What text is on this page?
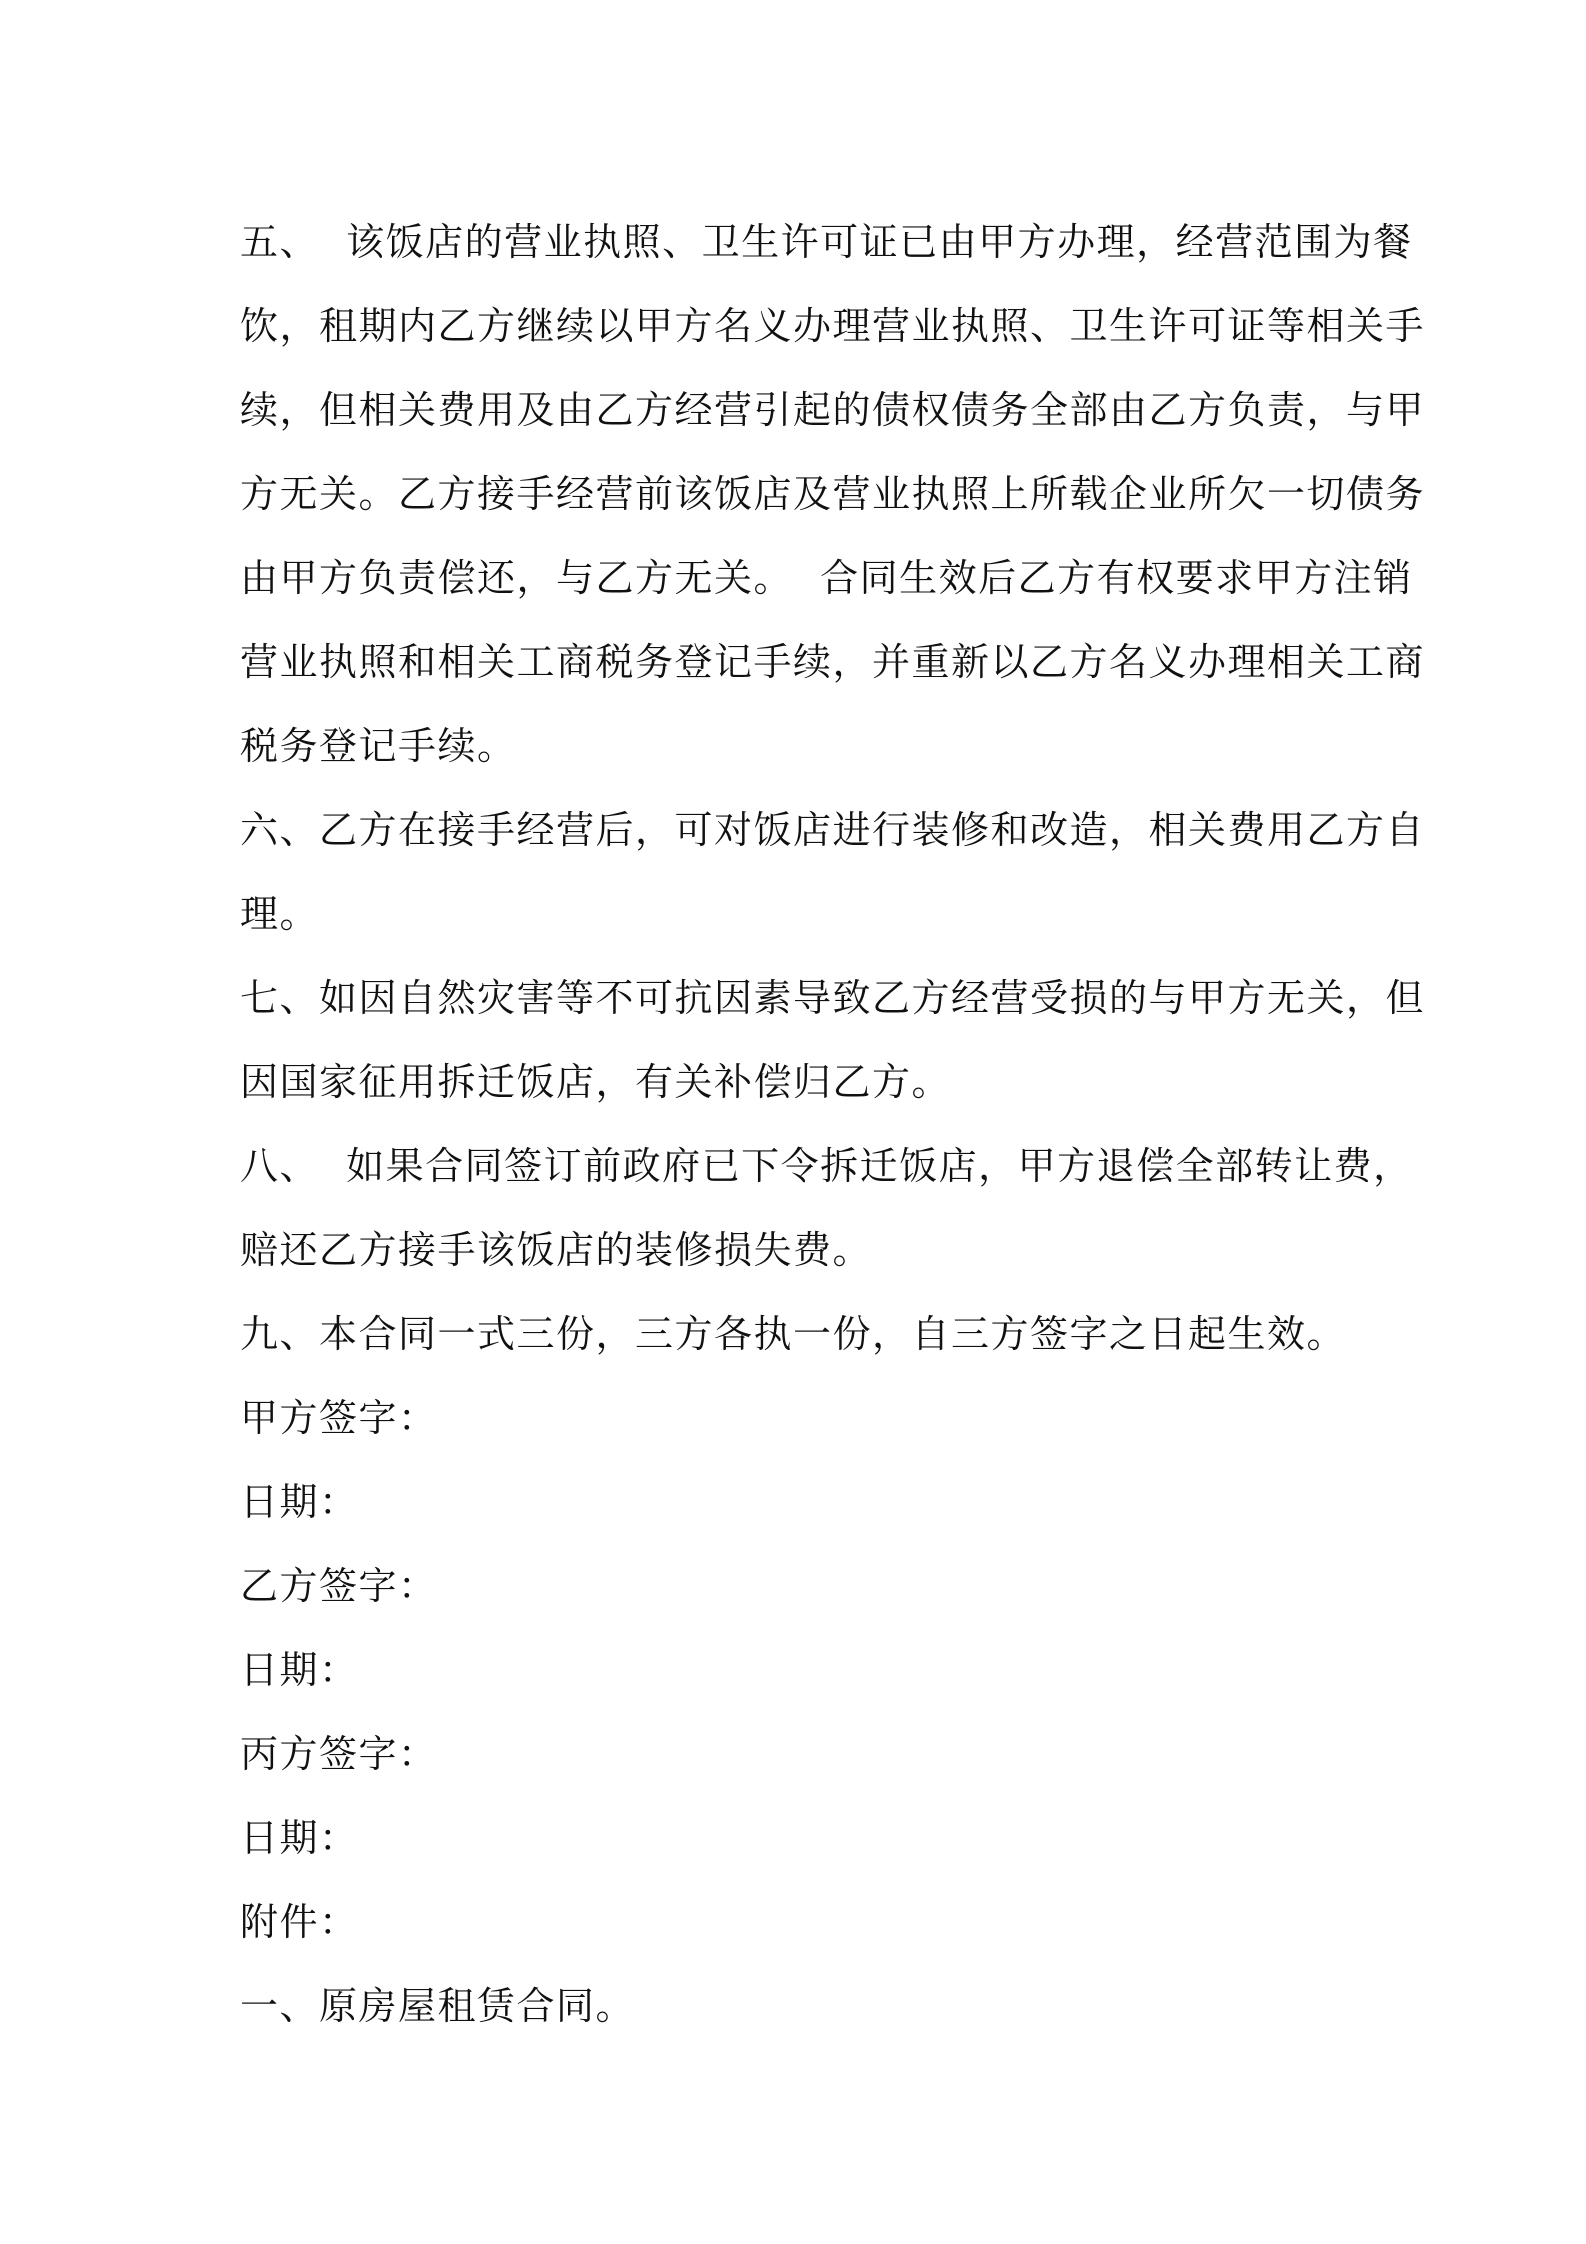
五、  该饭店的营业执照、卫生许可证已由甲方办理，经营范围为餐
饮，租期内乙方继续以甲方名义办理营业执照、卫生许可证等相关手
续，但相关费用及由乙方经营引起的债权债务全部由乙方负责，与甲
方无关。乙方接手经营前该饭店及营业执照上所载企业所欠一切债务
由甲方负责偿还，与乙方无关。  合同生效后乙方有权要求甲方注销
营业执照和相关工商税务登记手续，并重新以乙方名义办理相关工商
税务登记手续。
六、乙方在接手经营后，可对饭店进行装修和改造，相关费用乙方自
理。
七、如因自然灾害等不可抗因素导致乙方经营受损的与甲方无关，但
因国家征用拆迁饭店，有关补偿归乙方。
八、  如果合同签订前政府已下令拆迁饭店，甲方退偿全部转让费，
赔还乙方接手该饭店的装修损失费。
九、本合同一式三份，三方各执一份，自三方签字之日起生效。
甲方签字：
日期：
乙方签字：
日期：
丙方签字：
日期：
附件：
一、原房屋租赁合同。
